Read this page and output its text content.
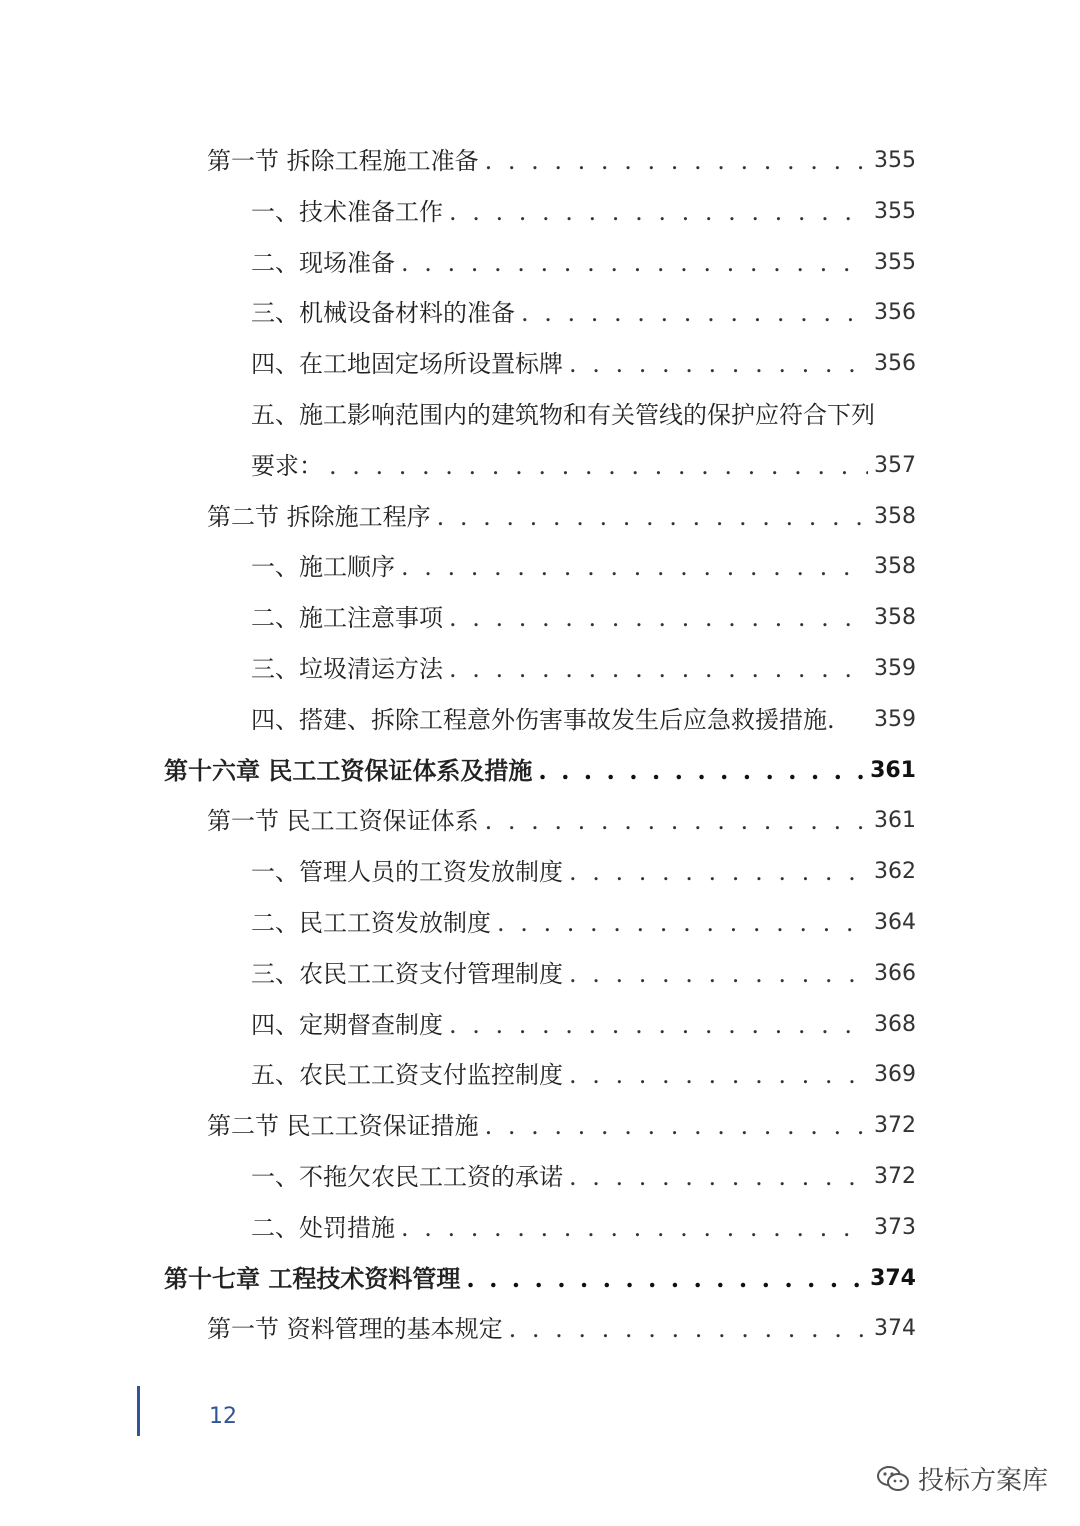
第一节 拆除工程施工准备 . . .	355
一、技术准备工作 . . .	355
二、现场准备 . . .	355
三、机械设备材料的准备 . . .	356
四、在工地固定场所设置标牌 . . .	356
五、施工影响范围内的建筑物和有关管线的保护应符合下列
要求： . . .	357
第二节 拆除施工程序 . . .	358
一、施工顺序 . . .	358
二、施工注意事项 . . .	358
三、垃圾清运方法 . . .	359
四、搭建、拆除工程意外伤害事故发生后应急救援措施.	359
第十六章 民工工资保证体系及措施 . . .	361
第一节 民工工资保证体系 . . .	361
一、管理人员的工资发放制度 . . .	362
二、民工工资发放制度 . . .	364
三、农民工工资支付管理制度 . . .	366
四、定期督查制度 . . .	368
五、农民工工资支付监控制度 . . .	369
第二节 民工工资保证措施 . . .	372
一、不拖欠农民工工资的承诺 . . .	372
二、处罚措施 . . .	373
第十七章 工程技术资料管理 . . .	374
第一节 资料管理的基本规定 . . .	374
12
投标方案库
